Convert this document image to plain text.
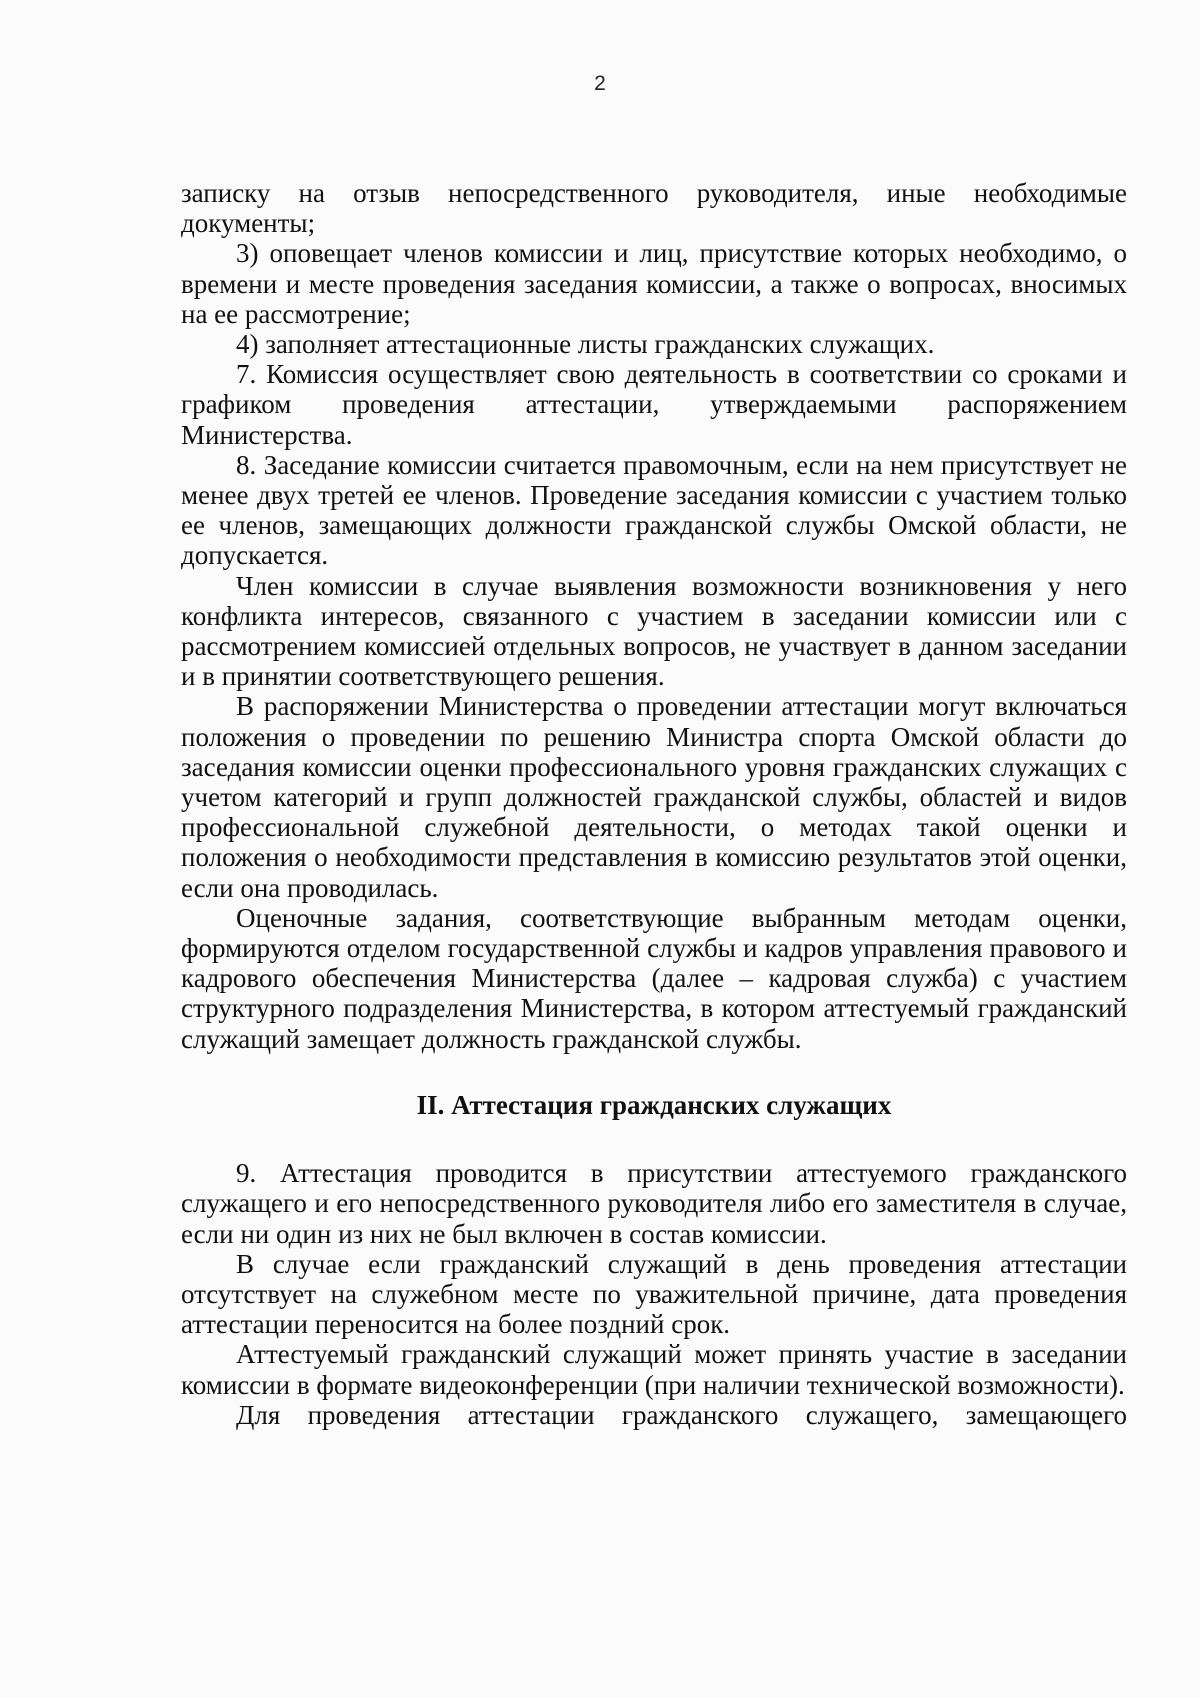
2

записку на отзыв непосредственного руководителя, иные необходимые документы;

3) оповещает членов комиссии и лиц, присутствие которых необходимо, о времени и месте проведения заседания комиссии, а также о вопросах, вносимых на ее рассмотрение;

4) заполняет аттестационные листы гражданских служащих.

7. Комиссия осуществляет свою деятельность в соответствии со сроками и графиком проведения аттестации, утверждаемыми распоряжением Министерства.

8. Заседание комиссии считается правомочным, если на нем присутствует не менее двух третей ее членов. Проведение заседания комиссии с участием только ее членов, замещающих должности гражданской службы Омской области, не допускается.

Член комиссии в случае выявления возможности возникновения у него конфликта интересов, связанного с участием в заседании комиссии или с рассмотрением комиссией отдельных вопросов, не участвует в данном заседании и в принятии соответствующего решения.

В распоряжении Министерства о проведении аттестации могут включаться положения о проведении по решению Министра спорта Омской области до заседания комиссии оценки профессионального уровня гражданских служащих с учетом категорий и групп должностей гражданской службы, областей и видов профессиональной служебной деятельности, о методах такой оценки и положения о необходимости представления в комиссию результатов этой оценки, если она проводилась.

Оценочные задания, соответствующие выбранным методам оценки, формируются отделом государственной службы и кадров управления правового и кадрового обеспечения Министерства (далее – кадровая служба) с участием структурного подразделения Министерства, в котором аттестуемый гражданский служащий замещает должность гражданской службы.

II. Аттестация гражданских служащих

9. Аттестация проводится в присутствии аттестуемого гражданского служащего и его непосредственного руководителя либо его заместителя в случае, если ни один из них не был включен в состав комиссии.

В случае если гражданский служащий в день проведения аттестации отсутствует на служебном месте по уважительной причине, дата проведения аттестации переносится на более поздний срок.

Аттестуемый гражданский служащий может принять участие в заседании комиссии в формате видеоконференции (при наличии технической возможности).

Для проведения аттестации гражданского служащего, замещающего
